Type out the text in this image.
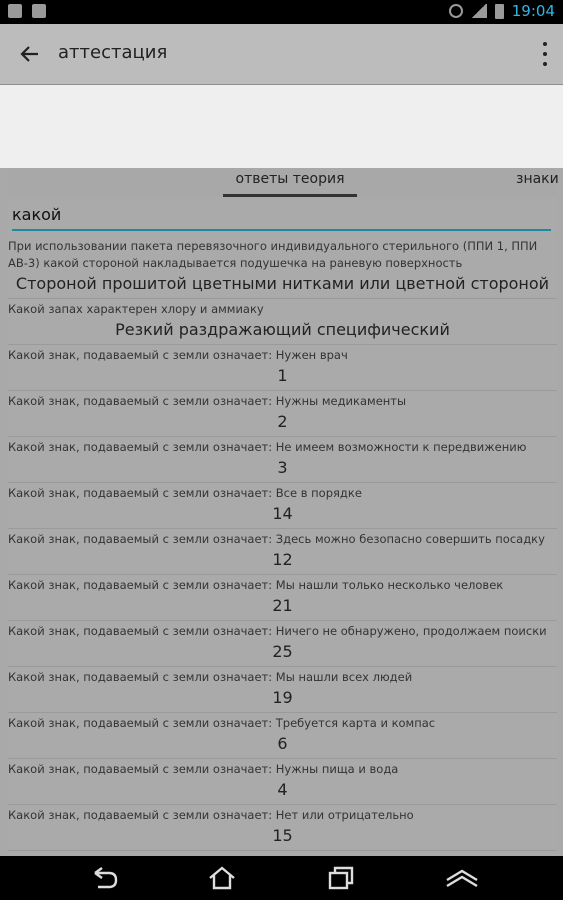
19:04
аттестация
ответы теория	знаки
какой
При использовании пакета перевязочного индивидуального стерильного (ППИ 1, ППИ АВ-3) какой стороной накладывается подушечка на раневую поверхность
Стороной прошитой цветными нитками или цветной стороной
Какой запах характерен хлору и аммиаку
Резкий раздражающий специфический
Какой знак, подаваемый с земли означает: Нужен врач
1
Какой знак, подаваемый с земли означает: Нужны медикаменты
2
Какой знак, подаваемый с земли означает: Не имеем возможности к передвижению
3
Какой знак, подаваемый с земли означает: Все в порядке
14
Какой знак, подаваемый с земли означает: Здесь можно безопасно совершить посадку
12
Какой знак, подаваемый с земли означает: Мы нашли только несколько человек
21
Какой знак, подаваемый с земли означает: Ничего не обнаружено, продолжаем поиски
25
Какой знак, подаваемый с земли означает: Мы нашли всех людей
19
Какой знак, подаваемый с земли означает: Требуется карта и компас
6
Какой знак, подаваемый с земли означает: Нужны пища и вода
4
Какой знак, подаваемый с земли означает: Нет или отрицательно
15
